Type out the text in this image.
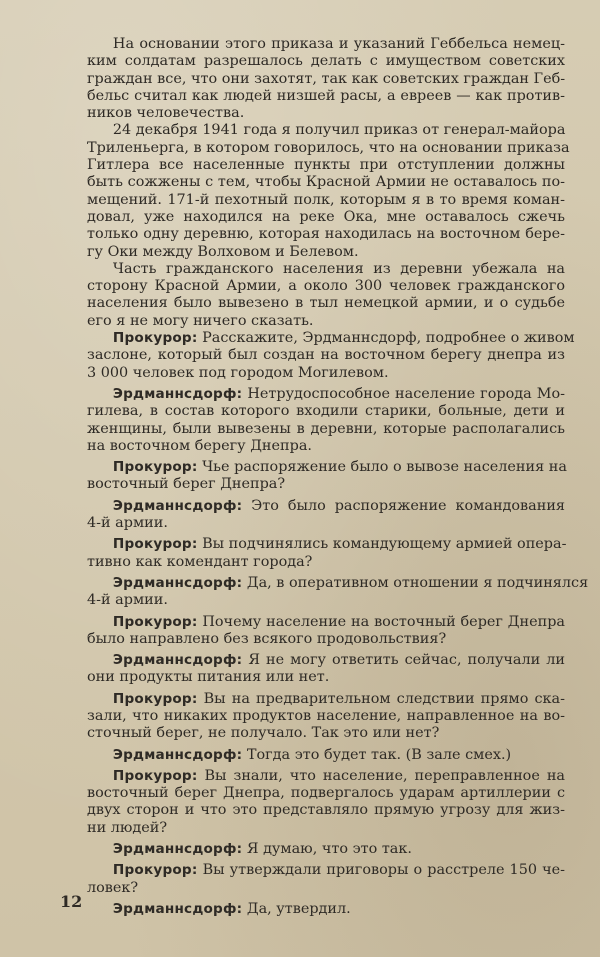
На основании этого приказа и указаний Геббельса немец-
ким солдатам разрешалось делать с имуществом советских
граждан все, что они захотят, так как советских граждан Геб-
бельс считал как людей низшей расы, а евреев — как против-
ников человечества.
24 декабря 1941 года я получил приказ от генерал-майора
Триленьерга, в котором говорилось, что на основании приказа
Гитлера все населенные пункты при отступлении должны
быть сожжены с тем, чтобы Красной Армии не оставалось по-
мещений. 171-й пехотный полк, которым я в то время коман-
довал, уже находился на реке Ока, мне оставалось сжечь
только одну деревню, которая находилась на восточном бере-
гу Оки между Волховом и Белевом.
Часть гражданского населения из деревни убежала на
сторону Красной Армии, а около 300 человек гражданского
населения было вывезено в тыл немецкой армии, и о судьбе
его я не могу ничего сказать.
Прокурор: Расскажите, Эрдманнсдорф, подробнее о живом
заслоне, который был создан на восточном берегу днепра из
3 000 человек под городом Могилевом.
Эрдманнсдорф: Нетрудоспособное население города Мо-
гилева, в состав которого входили старики, больные, дети и
женщины, были вывезены в деревни, которые располагались
на восточном берегу Днепра.
Прокурор: Чье распоряжение было о вывозе населения на
восточный берег Днепра?
Эрдманнсдорф: Это было распоряжение командования
4-й армии.
Прокурор: Вы подчинялись командующему армией опера-
тивно как комендант города?
Эрдманнсдорф: Да, в оперативном отношении я подчинялся
4-й армии.
Прокурор: Почему население на восточный берег Днепра
было направлено без всякого продовольствия?
Эрдманнсдорф: Я не могу ответить сейчас, получали ли
они продукты питания или нет.
Прокурор: Вы на предварительном следствии прямо ска-
зали, что никаких продуктов население, направленное на во-
сточный берег, не получало. Так это или нет?
Эрдманнсдорф: Тогда это будет так. (В зале смех.)
Прокурор: Вы знали, что население, переправленное на
восточный берег Днепра, подвергалось ударам артиллерии с
двух сторон и что это представляло прямую угрозу для жиз-
ни людей?
Эрдманнсдорф: Я думаю, что это так.
Прокурор: Вы утверждали приговоры о расстреле 150 че-
ловек?
Эрдманнсдорф: Да, утвердил.
12
